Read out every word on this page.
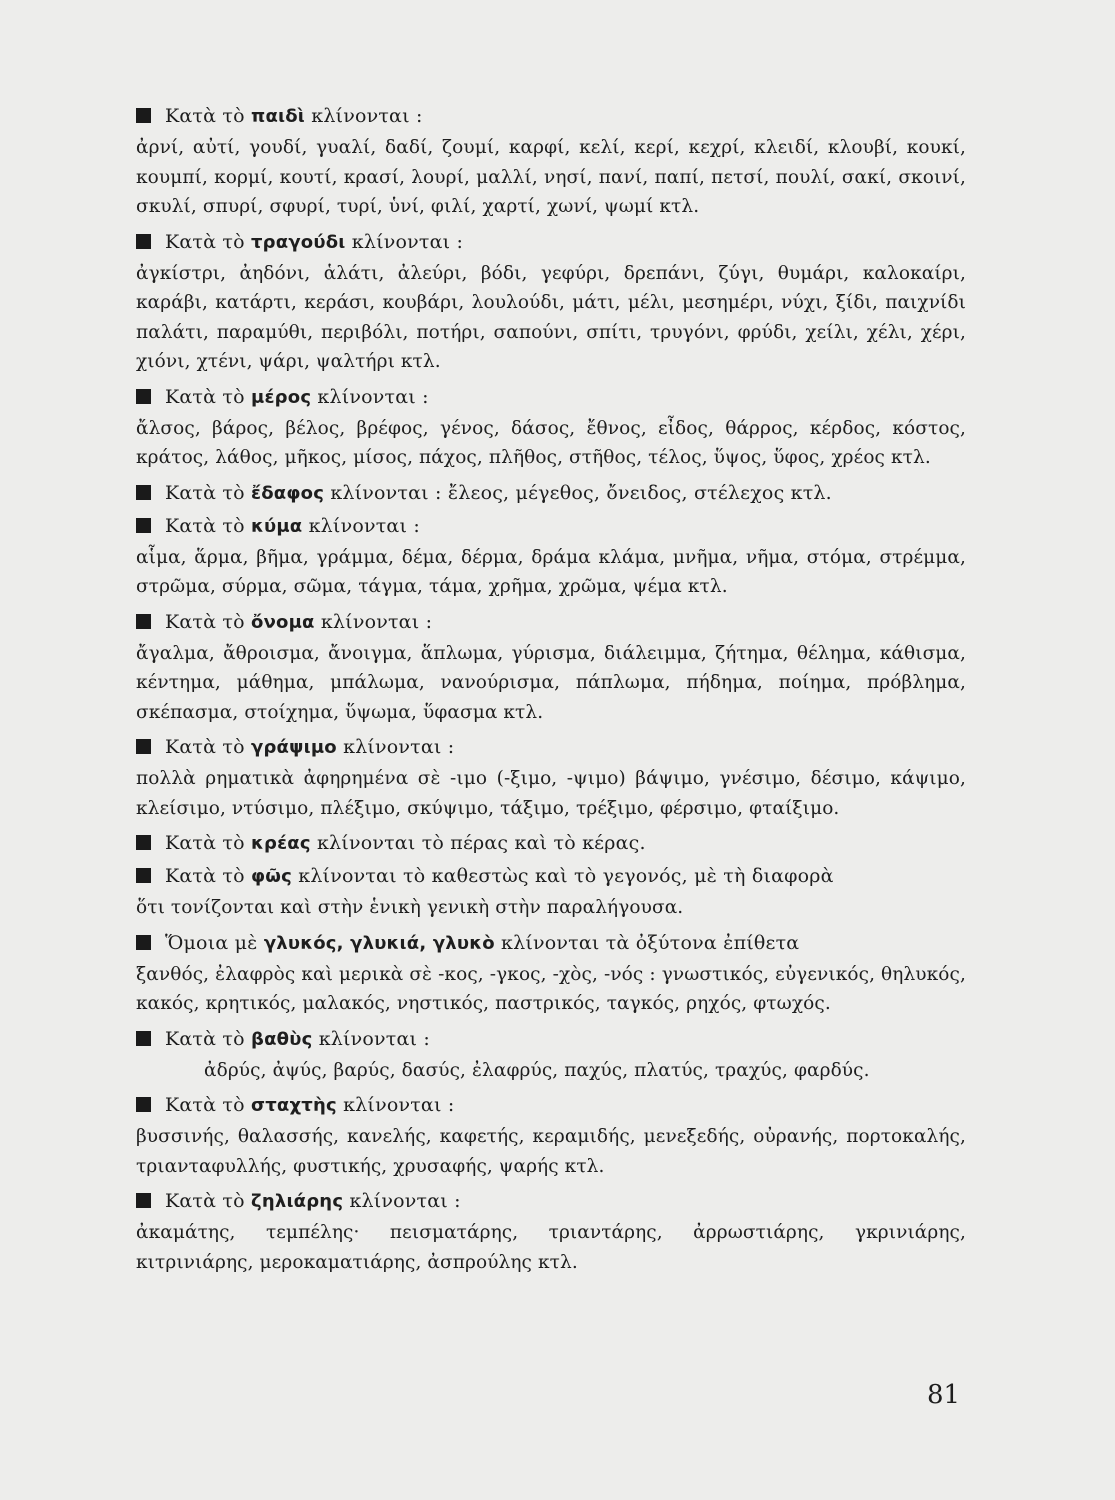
Κατὰ τὸ παιδὶ κλίνονται :
ἀρνί, αὐτί, γουδί, γυαλί, δαδί, ζουμί, καρφί, κελί, κερί, κεχρί, κλειδί, κλουβί, κουκί, κουμπί, κορμί, κουτί, κρασί, λουρί, μαλλί, νησί, πανί, παπί, πετσί, πουλί, σακί, σκοινί, σκυλί, σπυρί, σφυρί, τυρί, ὑνί, φιλί, χαρτί, χωνί, ψωμί κτλ.
Κατὰ τὸ τραγούδι κλίνονται :
ἀγκίστρι, ἀηδόνι, ἁλάτι, ἀλεύρι, βόδι, γεφύρι, δρεπάνι, ζύγι, θυμάρι, καλοκαίρι, καράβι, κατάρτι, κεράσι, κουβάρι, λουλούδι, μάτι, μέλι, μεσημέρι, νύχι, ξίδι, παιχνίδι παλάτι, παραμύθι, περιβόλι, ποτήρι, σαπούνι, σπίτι, τρυγόνι, φρύδι, χείλι, χέλι, χέρι, χιόνι, χτένι, ψάρι, ψαλτήρι κτλ.
Κατὰ τὸ μέρος κλίνονται :
ἄλσος, βάρος, βέλος, βρέφος, γένος, δάσος, ἔθνος, εἶδος, θάρρος, κέρδος, κόστος, κράτος, λάθος, μῆκος, μίσος, πάχος, πλῆθος, στῆθος, τέλος, ὕψος, ὕφος, χρέος κτλ.
Κατὰ τὸ ἔδαφος κλίνονται : ἔλεος, μέγεθος, ὄνειδος, στέλεχος κτλ.
Κατὰ τὸ κύμα κλίνονται :
αἷμα, ἅρμα, βῆμα, γράμμα, δέμα, δέρμα, δράμα κλάμα, μνῆμα, νῆμα, στόμα, στρέμμα, στρῶμα, σύρμα, σῶμα, τάγμα, τάμα, χρῆμα, χρῶμα, ψέμα κτλ.
Κατὰ τὸ ὄνομα κλίνονται :
ἄγαλμα, ἄθροισμα, ἄνοιγμα, ἅπλωμα, γύρισμα, διάλειμμα, ζήτημα, θέλημα, κάθισμα, κέντημα, μάθημα, μπάλωμα, νανούρισμα, πάπλωμα, πήδημα, ποίημα, πρόβλημα, σκέπασμα, στοίχημα, ὕψωμα, ὕφασμα κτλ.
Κατὰ τὸ γράψιμο κλίνονται :
πολλὰ ρηματικὰ ἀφηρημένα σὲ -ιμο (-ξιμο, -ψιμο) βάψιμο, γνέσιμο, δέσιμο, κάψιμο, κλείσιμο, ντύσιμο, πλέξιμο, σκύψιμο, τάξιμο, τρέξιμο, φέρσιμο, φταίξιμο.
Κατὰ τὸ κρέας κλίνονται τὸ πέρας καὶ τὸ κέρας.
Κατὰ τὸ φῶς κλίνονται τὸ καθεστὼς καὶ τὸ γεγονός, μὲ τὴ διαφορὰ
ὅτι τονίζονται καὶ στὴν ἑνικὴ γενικὴ στὴν παραλήγουσα.
Ὅμοια μὲ γλυκός, γλυκιά, γλυκὸ κλίνονται τὰ ὀξύτονα ἐπίθετα
ξανθός, ἐλαφρὸς καὶ μερικὰ σὲ -κος, -γκος, -χὸς, -νός : γνωστικός, εὐγενικός, θηλυκός, κακός, κρητικός, μαλακός, νηστικός, παστρικός, ταγκός, ρηχός, φτωχός.
Κατὰ τὸ βαθὺς κλίνονται :
ἀδρύς, ἀψύς, βαρύς, δασύς, ἐλαφρύς, παχύς, πλατύς, τραχύς, φαρδύς.
Κατὰ τὸ σταχτὴς κλίνονται :
βυσσινής, θαλασσής, κανελής, καφετής, κεραμιδής, μενεξεδής, οὐρανής, πορτοκαλής, τριανταφυλλής, φυστικής, χρυσαφής, ψαρής κτλ.
Κατὰ τὸ ζηλιάρης κλίνονται :
ἀκαμάτης, τεμπέλης· πεισματάρης, τριαντάρης, ἀρρωστιάρης, γκρινιάρης, κιτρινιάρης, μεροκαματιάρης, ἀσπρούλης κτλ.
81
